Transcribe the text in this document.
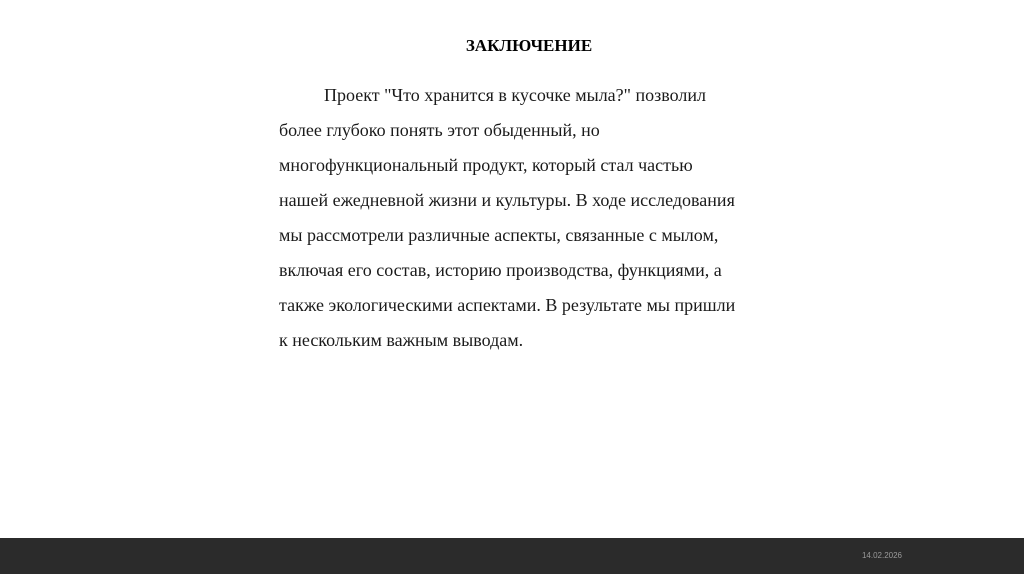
ЗАКЛЮЧЕНИЕ

Проект "Что хранится в кусочке мыла?" позволил
более глубоко понять этот обыденный, но
многофункциональный продукт, который стал частью
нашей ежедневной жизни и культуры. В ходе исследования
мы рассмотрели различные аспекты, связанные с мылом,
включая его состав, историю производства, функциями, а
также экологическими аспектами. В результате мы пришли
к нескольким важным выводам.

14.02.2026
